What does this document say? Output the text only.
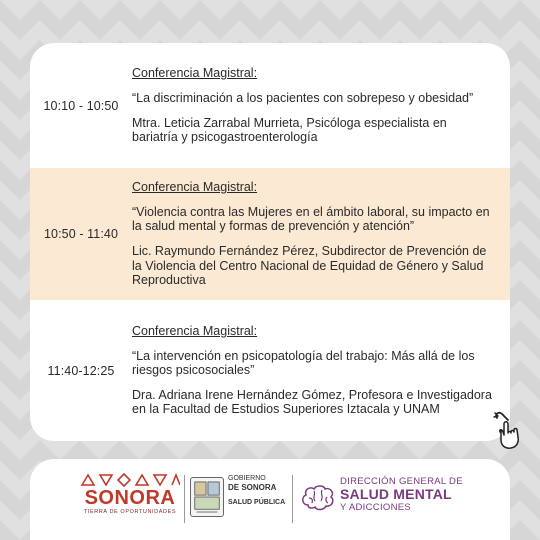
10:10 - 10:50

Conferencia Magistral:

“La discriminación a los pacientes con sobrepeso y obesidad”

Mtra. Leticia Zarrabal Murrieta, Psicóloga especialista en bariatría y psicogastroenterología

10:50 - 11:40

Conferencia Magistral:

“Violencia contra las Mujeres en el ámbito laboral, su impacto en la salud mental y formas de prevención y atención”

Lic. Raymundo Fernández Pérez, Subdirector de Prevención de la Violencia del Centro Nacional de Equidad de Género y Salud Reproductiva

11:40-12:25

Conferencia Magistral:

“La intervención en psicopatología del trabajo: Más allá de los riesgos psicosociales”

Dra. Adriana Irene Hernández Gómez, Profesora e Investigadora en la Facultad de Estudios Superiores Iztacala y UNAM

SONORA
TIERRA DE OPORTUNIDADES
GOBIERNO
DE SONORA
SALUD PÚBLICA
DIRECCIÓN GENERAL DE
SALUD MENTAL
Y ADICCIONES
